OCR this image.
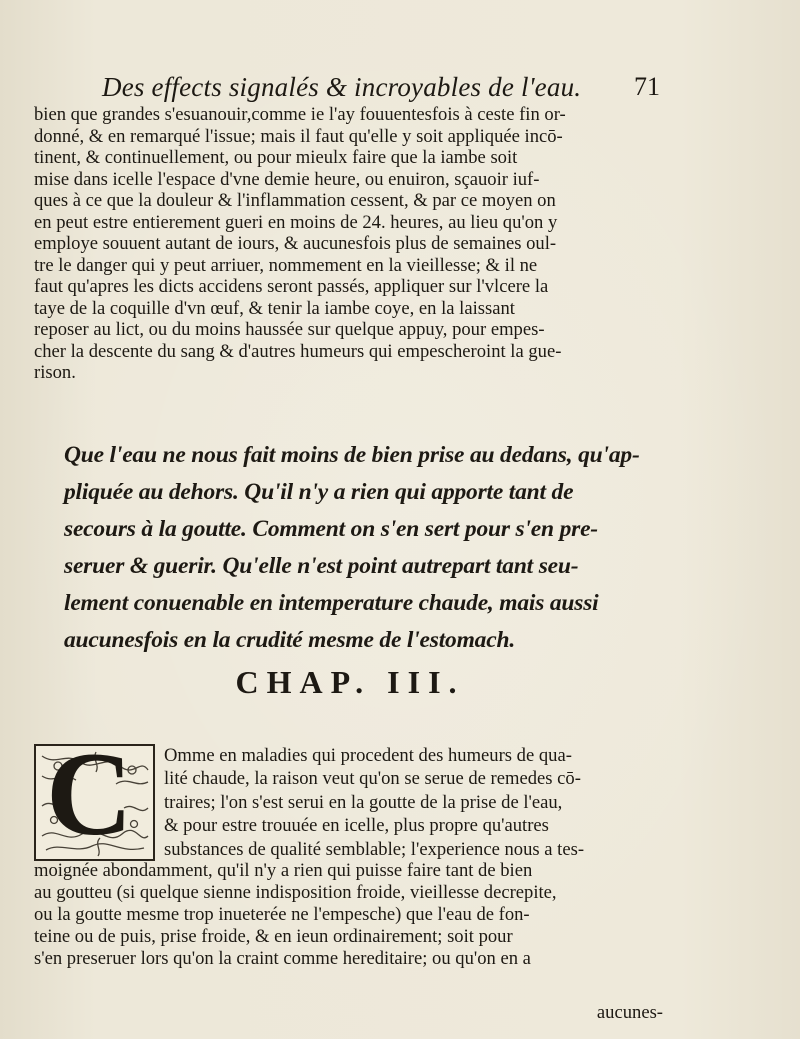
Des effects signalés & incroyables de l'eau. 71
bien que grandes s'esuanouir,comme ie l'ay fouuentesfois à ceste fin or-
donné, & en remarqué l'issue; mais il faut qu'elle y soit appliquée incō-
tinent, & continuellement, ou pour mieulx faire que la iambe soit
mise dans icelle l'espace d'vne demie heure, ou enuiron, sçauoir iuf-
ques à ce que la douleur & l'inflammation cessent, & par ce moyen on
en peut estre entierement gueri en moins de 24. heures, au lieu qu'on y
employe souuent autant de iours, & aucunesfois plus de semaines oul-
tre le danger qui y peut arriuer, nommement en la vieillesse; & il ne
faut qu'apres les dicts accidens seront passés, appliquer sur l'vlcere la
taye de la coquille d'vn œuf, & tenir la iambe coye, en la laissant
reposer au lict, ou du moins haussée sur quelque appuy, pour empes-
cher la descente du sang & d'autres humeurs qui empescheroint la gue-
rison.
Que l'eau ne nous fait moins de bien prise au dedans, qu'ap-
pliquée au dehors. Qu'il n'y a rien qui apporte tant de
secours à la goutte. Comment on s'en sert pour s'en pre-
seruer & guerir. Qu'elle n'est point autrepart tant seu-
lement conuenable en intemperature chaude, mais aussi
aucunesfois en la crudité mesme de l'estomach.
CHAP. III.
C Omme en maladies qui procedent des humeurs de qua-
lité chaude, la raison veut qu'on se serue de remedes cō-
traires; l'on s'est serui en la goutte de la prise de l'eau,
& pour estre trouuée en icelle, plus propre qu'autres
substances de qualité semblable; l'experience nous a tes-
moignée abondamment, qu'il n'y a rien qui puisse faire tant de bien
au goutteu (si quelque sienne indisposition froide, vieillesse decrepite,
ou la goutte mesme trop inueterée ne l'empesche) que l'eau de fon-
teine ou de puis, prise froide, & en ieun ordinairement; soit pour
s'en preseruer lors qu'on la craint comme hereditaire; ou qu'on en a
aucunes-
